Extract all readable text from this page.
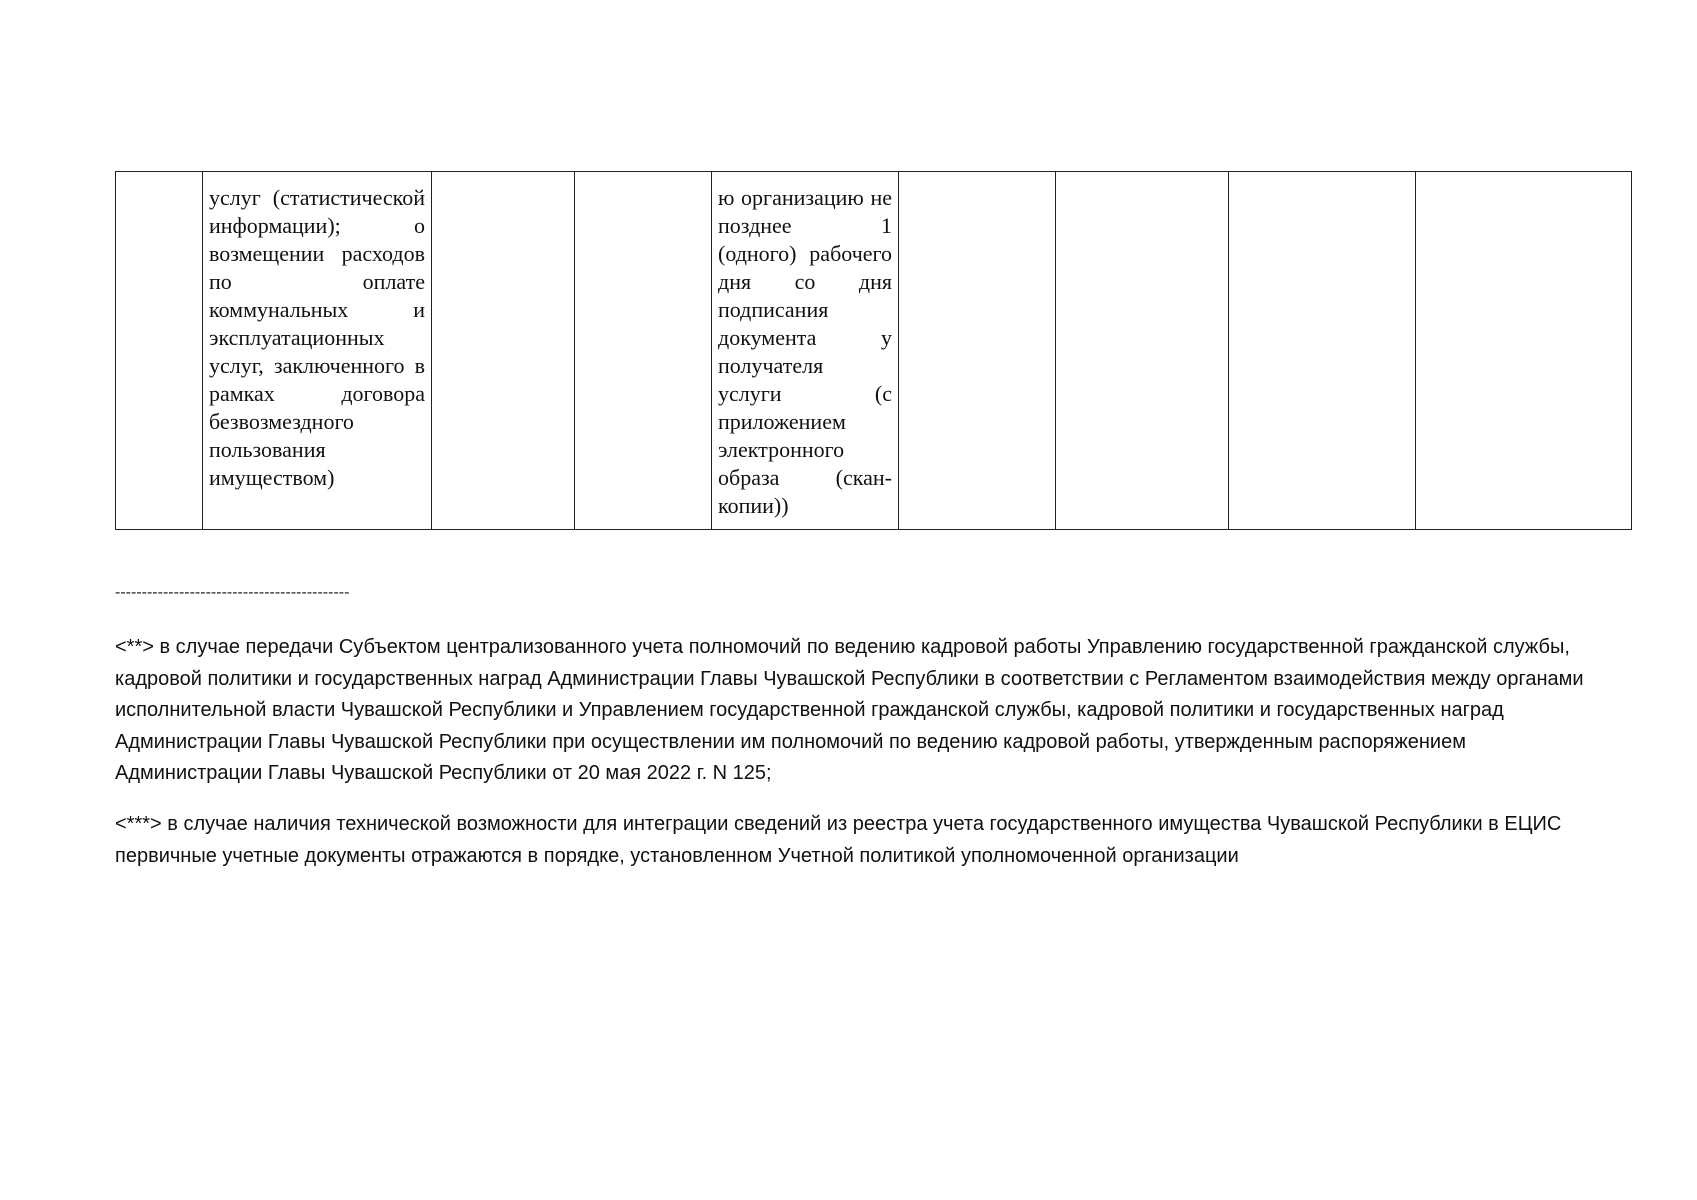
	услуг (статистической информации); о возмещении расходов по оплате коммунальных и эксплуатационных услуг, заключенного в рамках договора безвозмездного пользования имуществом)			ю организацию не позднее 1 (одного) рабочего дня со дня подписания документа у получателя услуги (с приложением электронного образа (скан-копии))				
--------------------------------------------

<**> в случае передачи Субъектом централизованного учета полномочий по ведению кадровой работы Управлению государственной гражданской службы, кадровой политики и государственных наград Администрации Главы Чувашской Республики в соответствии с Регламентом взаимодействия между органами исполнительной власти Чувашской Республики и Управлением государственной гражданской службы, кадровой политики и государственных наград Администрации Главы Чувашской Республики при осуществлении им полномочий по ведению кадровой работы, утвержденным распоряжением Администрации Главы Чувашской Республики от 20 мая 2022 г. N 125;

<***> в случае наличия технической возможности для интеграции сведений из реестра учета государственного имущества Чувашской Республики в ЕЦИС первичные учетные документы отражаются в порядке, установленном Учетной политикой уполномоченной организации
